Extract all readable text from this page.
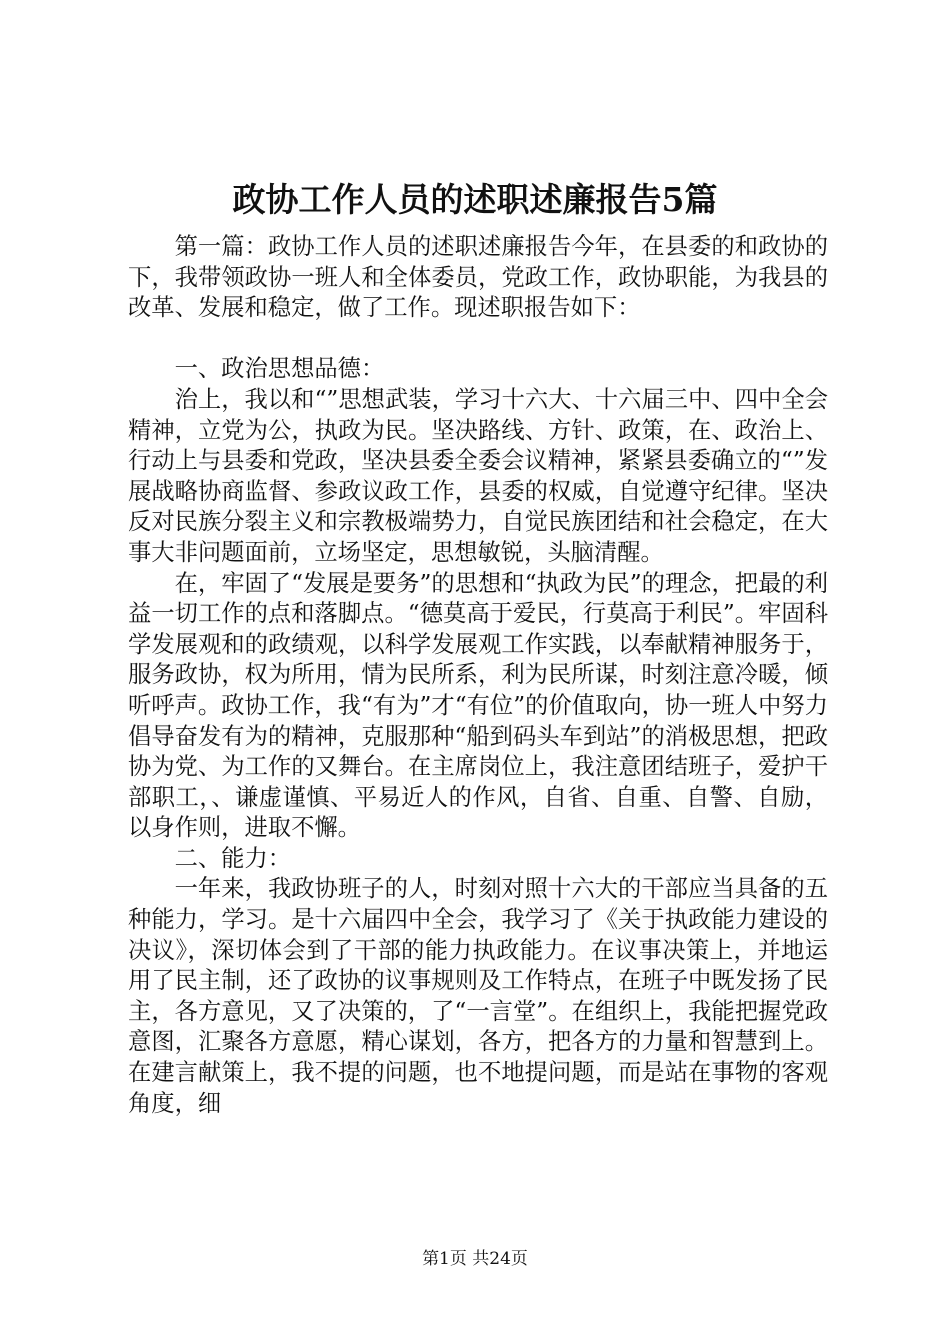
政协工作人员的述职述廉报告5篇

第一篇：政协工作人员的述职述廉报告今年，在县委的和政协的下，我带领政协一班人和全体委员，党政工作，政协职能，为我县的改革、发展和稳定，做了工作。现述职报告如下：

一、政治思想品德：

治上，我以和“”思想武装，学习十六大、十六届三中、四中全会精神，立党为公，执政为民。坚决路线、方针、政策，在、政治上、行动上与县委和党政，坚决县委全委会议精神，紧紧县委确立的“”发展战略协商监督、参政议政工作，县委的权威，自觉遵守纪律。坚决反对民族分裂主义和宗教极端势力，自觉民族团结和社会稳定，在大事大非问题面前，立场坚定，思想敏锐，头脑清醒。

在，牢固了“发展是要务”的思想和“执政为民”的理念，把最的利益一切工作的点和落脚点。“德莫高于爱民，行莫高于利民”。牢固科学发展观和的政绩观，以科学发展观工作实践，以奉献精神服务于，服务政协，权为所用，情为民所系，利为民所谋，时刻注意冷暖，倾听呼声。政协工作，我“有为”才“有位”的价值取向，协一班人中努力倡导奋发有为的精神，克服那种“船到码头车到站”的消极思想，把政协为党、为工作的又舞台。在主席岗位上，我注意团结班子，爱护干部职工，、谦虚谨慎、平易近人的作风，自省、自重、自警、自励，以身作则，进取不懈。

二、能力：

一年来，我政协班子的人，时刻对照十六大的干部应当具备的五种能力，学习。是十六届四中全会，我学习了《关于执政能力建设的决议》，深切体会到了干部的能力执政能力。在议事决策上，并地运用了民主制，还了政协的议事规则及工作特点，在班子中既发扬了民主，各方意见，又了决策的，了“一言堂”。在组织上，我能把握党政意图，汇聚各方意愿，精心谋划，各方，把各方的力量和智慧到上。在建言献策上，我不提的问题，也不地提问题，而是站在事物的客观角度，细

第1页 共24页
